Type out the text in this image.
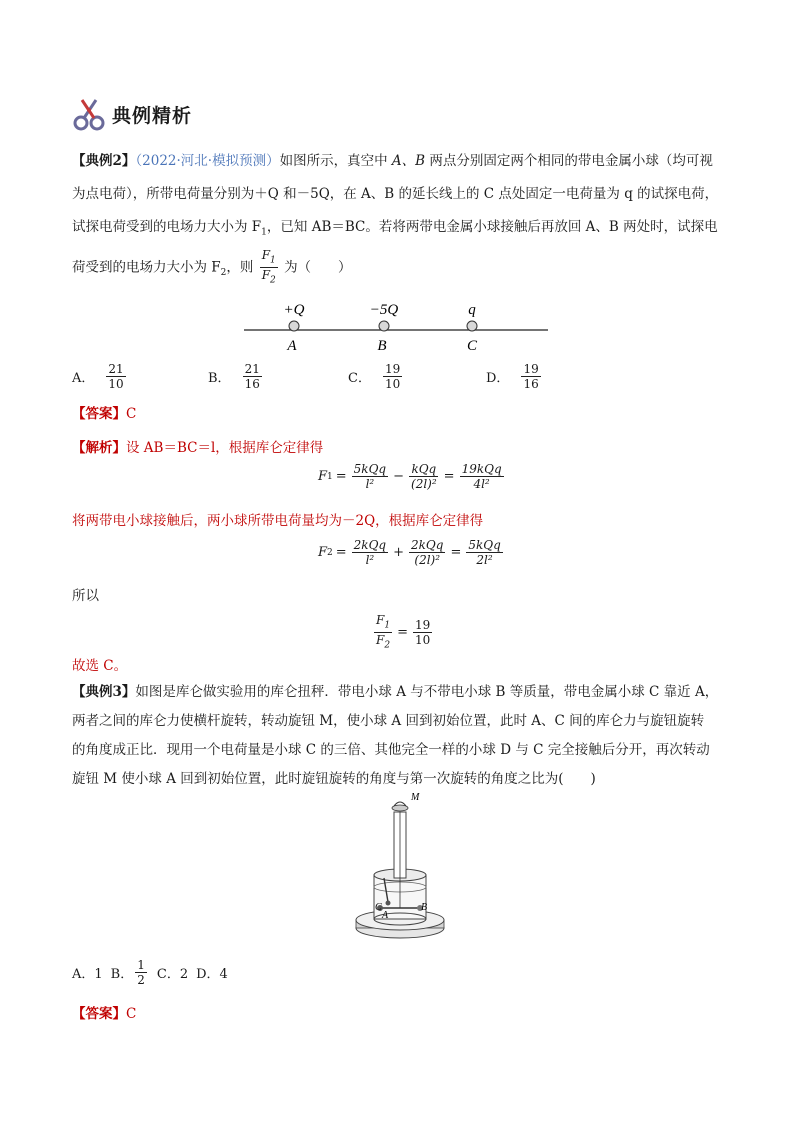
典例精析
【典例2】（2022·河北·模拟预测）如图所示，真空中 A、B 两点分别固定两个相同的带电金属小球（均可视
为点电荷），所带电荷量分别为＋Q 和－5Q，在 A、B 的延长线上的 C 点处固定一电荷量为 q 的试探电荷，
试探电荷受到的电场力大小为 $F_1$，已知 AB＝BC。若将两带电金属小球接触后再放回 A、B 两处时，试探电
荷受到的电场力大小为 $F_2$，则 $\frac{F_1}{F_2}$ 为（　　）
+Q	−5Q	q
A	B	C
A． $\frac{21}{10}$	B． $\frac{21}{16}$	C． $\frac{19}{10}$	D． $\frac{19}{16}$
【答案】C
【解析】设 AB＝BC＝l，根据库仑定律得
F $1 = \frac{\text{5kQq}}{\text{l²}} - \frac{\text{kQq}}{\text{(2l)²}} = \frac{\text{19kQq}}{\text{4l²}}$
将两带电小球接触后，两小球所带电荷量均为－2Q，根据库仑定律得
F $2 = \frac{\text{2kQq}}{\text{l²}} + \frac{\text{2kQq}}{\text{(2l)²}} = \frac{\text{5kQq}}{\text{2l²}}$
所以
$\frac{F_1}{F_2} = \frac{19}{10}$
故选 C。
【典例3】如图是库仑做实验用的库仑扭秤．带电小球 A 与不带电小球 B 等质量，带电金属小球 C 靠近 A，
两者之间的库仑力使横杆旋转，转动旋钮 M，使小球 A 回到初始位置，此时 A、C 间的库仑力与旋钮旋转
的角度成正比．现用一个电荷量是小球 C 的三倍、其他完全一样的小球 D 与 C 完全接触后分开，再次转动
旋钮 M 使小球 A 回到初始位置，此时旋钮旋转的角度与第一次旋转的角度之比为(　　)
M
A
B
C
A．1 B． $\frac{1}{2}$ C．2 D．4
【答案】C
